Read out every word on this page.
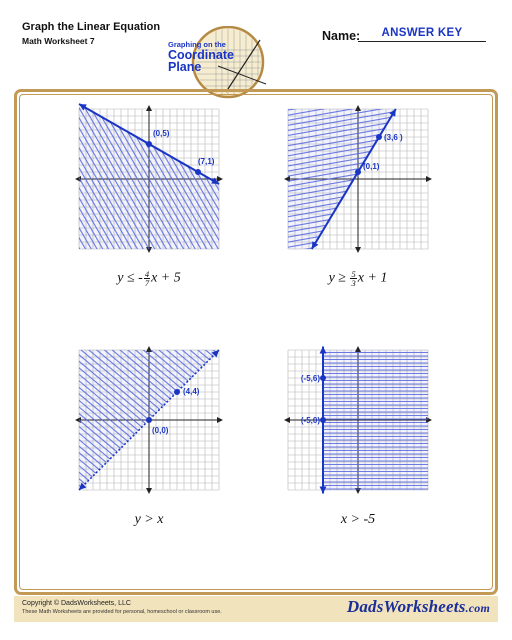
Graph the Linear Equation
Math Worksheet 7	Graphing on the
Coordinate
Plane
Name:	ANSWER KEY
(0,5)
(7,1)
y ≤ - $\frac{4}{7}$ x + 5
(3,6 )
(0,1)
$y \ge \frac{5}{3}$ x + 1
(4,4)
(0,0)
y > x
(-5,6)
(-5,0)
x > -5
Copyright © DadsWorksheets, LLC
These Math Worksheets are provided for personal, homeschool or classroom use.	DadsWorksheets.com
